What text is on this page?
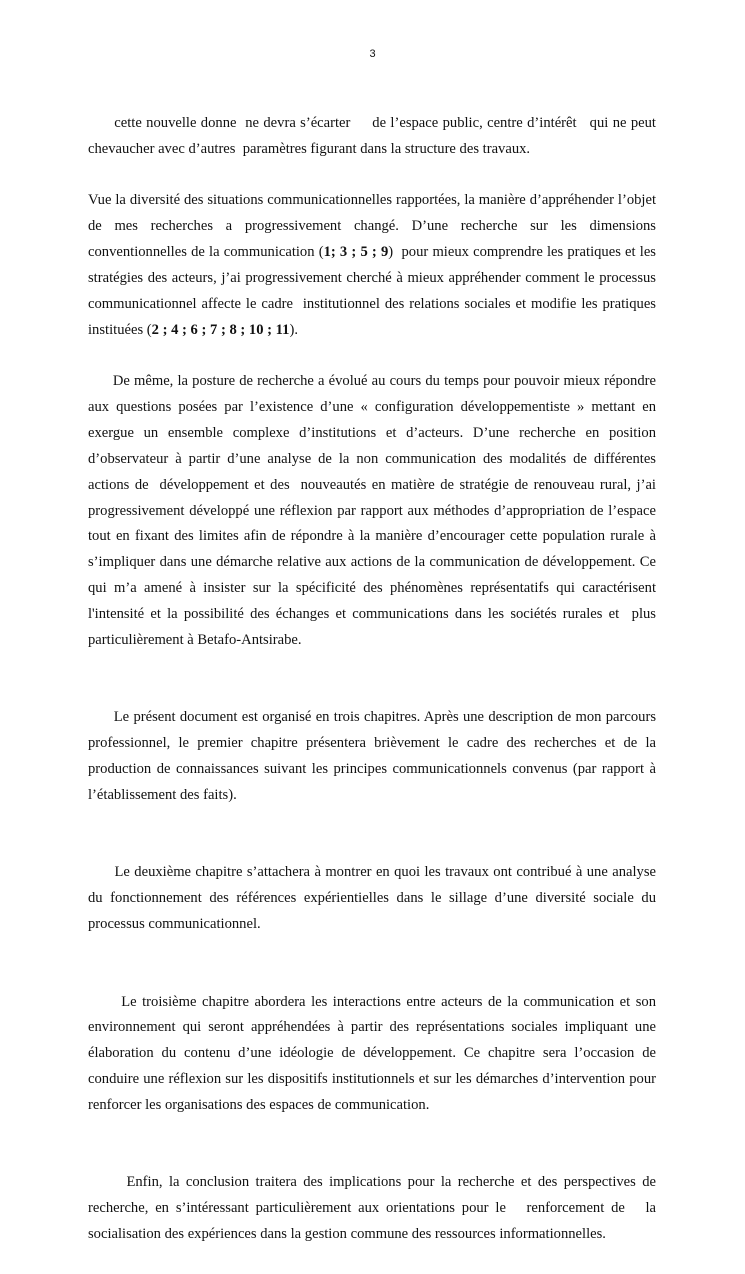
3

cette nouvelle donne  ne devra s’écarter     de l’espace public, centre d’intérêt   qui ne peut chevaucher avec d’autres  paramètres figurant dans la structure des travaux.

Vue la diversité des situations communicationnelles rapportées, la manière d’appréhender l’objet de mes recherches a progressivement changé. D’une recherche sur les dimensions conventionnelles de la communication (1; 3 ; 5 ; 9)  pour mieux comprendre les pratiques et les stratégies des acteurs, j’ai progressivement cherché à mieux appréhender comment le processus communicationnel affecte le cadre  institutionnel des relations sociales et modifie les pratiques instituées (2 ; 4 ; 6 ; 7 ; 8 ; 10 ; 11).

De même, la posture de recherche a évolué au cours du temps pour pouvoir mieux répondre aux questions posées par l’existence d’une « configuration développementiste » mettant en exergue un ensemble complexe d’institutions et d’acteurs. D’une recherche en position d’observateur à partir d’une analyse de la non communication des modalités de différentes actions de  développement et des  nouveautés en matière de stratégie de renouveau rural, j’ai progressivement développé une réflexion par rapport aux méthodes d’appropriation de l’espace tout en fixant des limites afin de répondre à la manière d’encourager cette population rurale à s’impliquer dans une démarche relative aux actions de la communication de développement. Ce qui m’a amené à insister sur la spécificité des phénomènes représentatifs qui caractérisent l'intensité et la possibilité des échanges et communications dans les sociétés rurales et  plus particulièrement à Betafo-Antsirabe.

Le présent document est organisé en trois chapitres. Après une description de mon parcours professionnel, le premier chapitre présentera brièvement le cadre des recherches et de la production de connaissances suivant les principes communicationnels convenus (par rapport à l’établissement des faits).

Le deuxième chapitre s’attachera à montrer en quoi les travaux ont contribué à une analyse du fonctionnement des références expérientielles dans le sillage d’une diversité sociale du processus communicationnel.

Le troisième chapitre abordera les interactions entre acteurs de la communication et son environnement qui seront appréhendées à partir des représentations sociales impliquant une élaboration du contenu d’une idéologie de développement. Ce chapitre sera l’occasion de conduire une réflexion sur les dispositifs institutionnels et sur les démarches d’intervention pour renforcer les organisations des espaces de communication.

Enfin, la conclusion traitera des implications pour la recherche et des perspectives de recherche, en s’intéressant particulièrement aux orientations pour le   renforcement de   la socialisation des expériences dans la gestion commune des ressources informationnelles.
